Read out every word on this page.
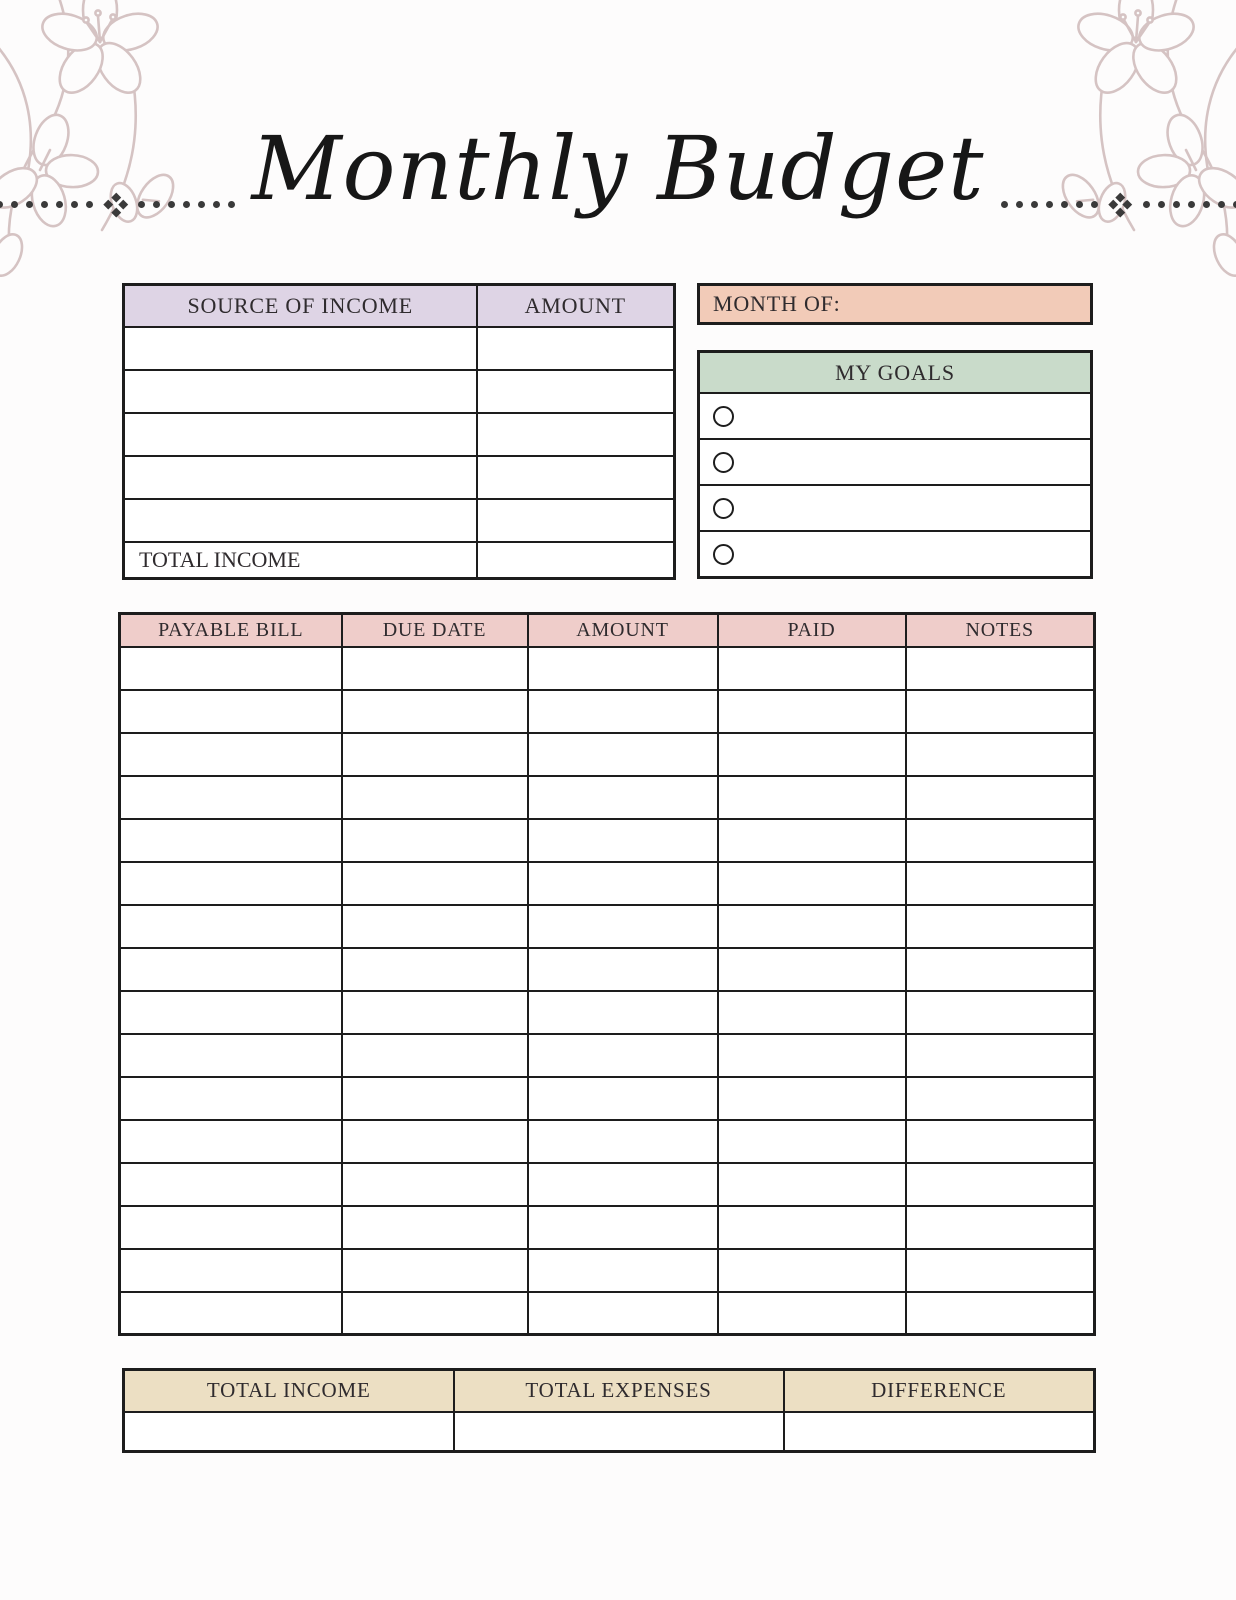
Monthly Budget
SOURCE OF INCOME	AMOUNT

TOTAL INCOME	
MONTH OF:
MY GOALS
PAYABLE BILL	DUE DATE	AMOUNT	PAID	NOTES

TOTAL INCOME	TOTAL EXPENSES	DIFFERENCE
